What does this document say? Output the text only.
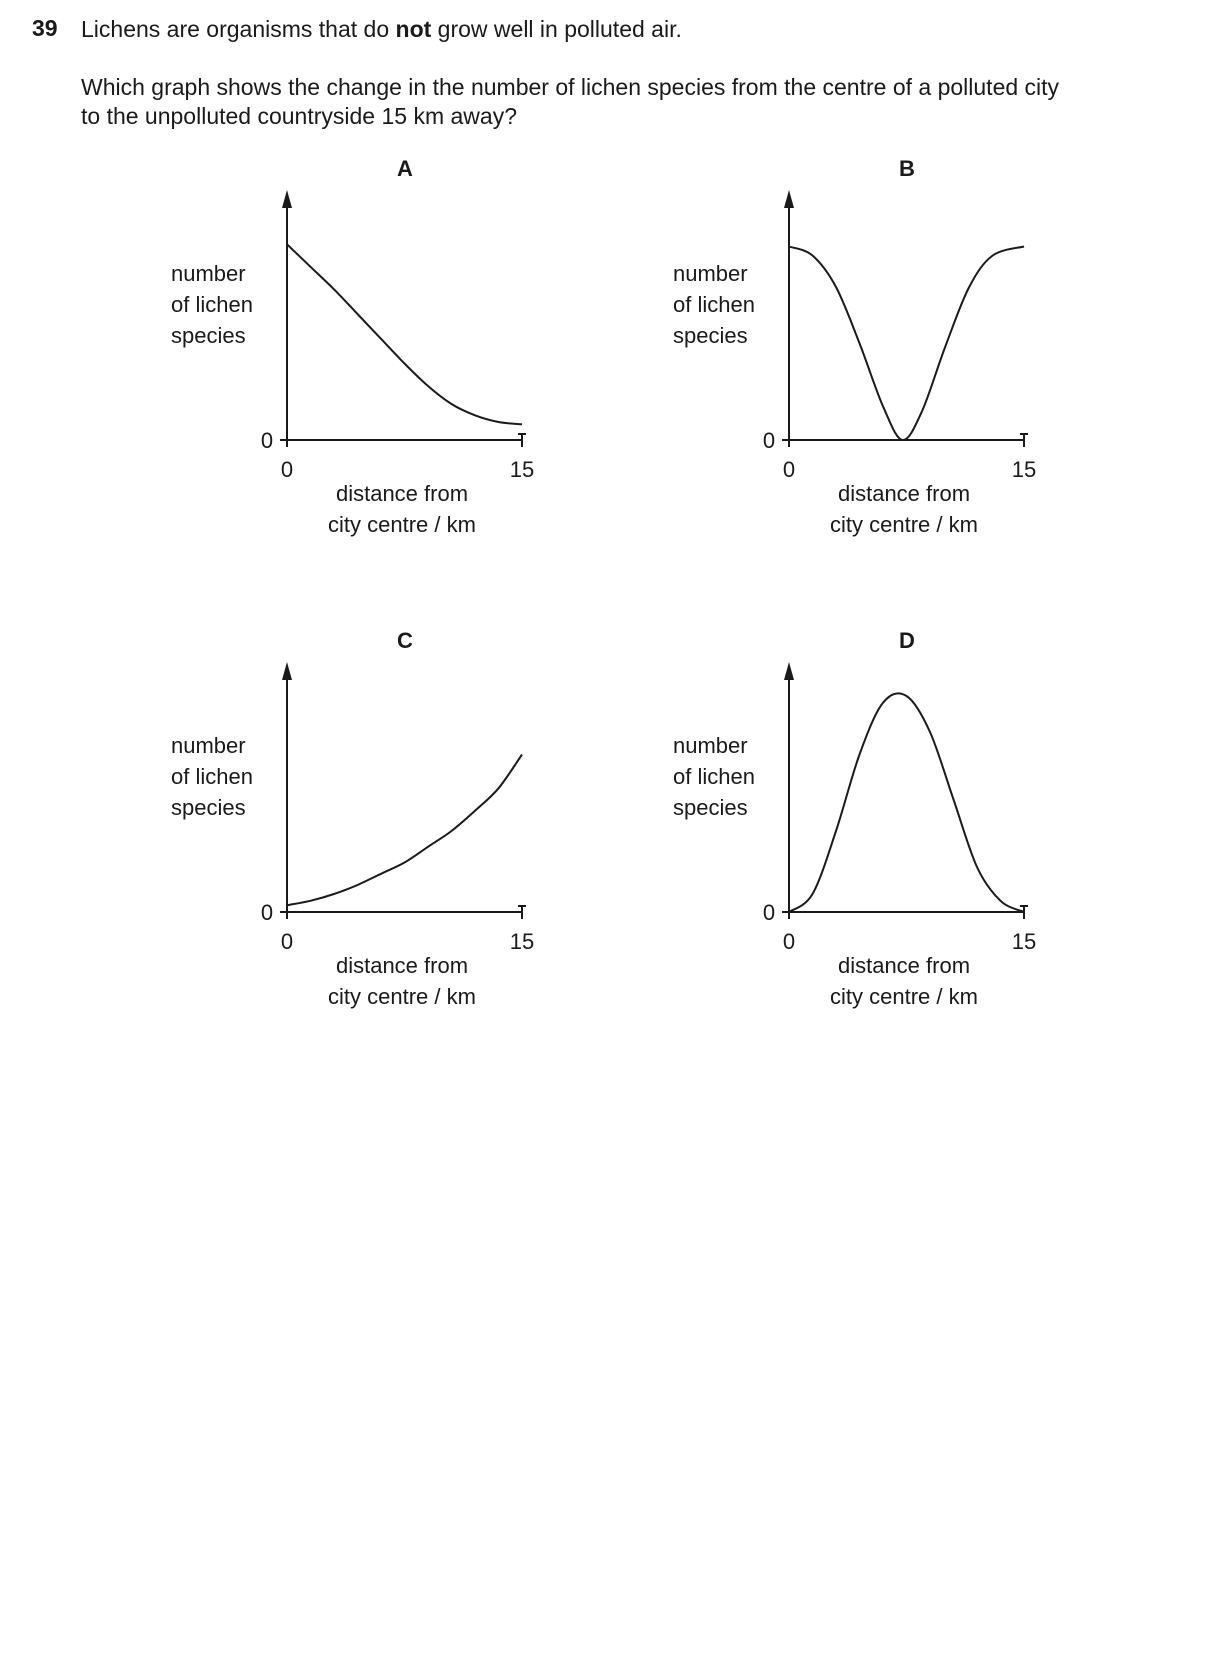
39 Lichens are organisms that do not grow well in polluted air.
Which graph shows the change in the number of lichen species from the centre of a polluted city
to the unpolluted countryside 15 km away?
A
0
0	15
number
of lichen
species
distance from
city centre / km
B
0
0	15
number
of lichen
species
distance from
city centre / km
C
0
0	15
number
of lichen
species
distance from
city centre / km
D
0
0	15
number
of lichen
species
distance from
city centre / km
